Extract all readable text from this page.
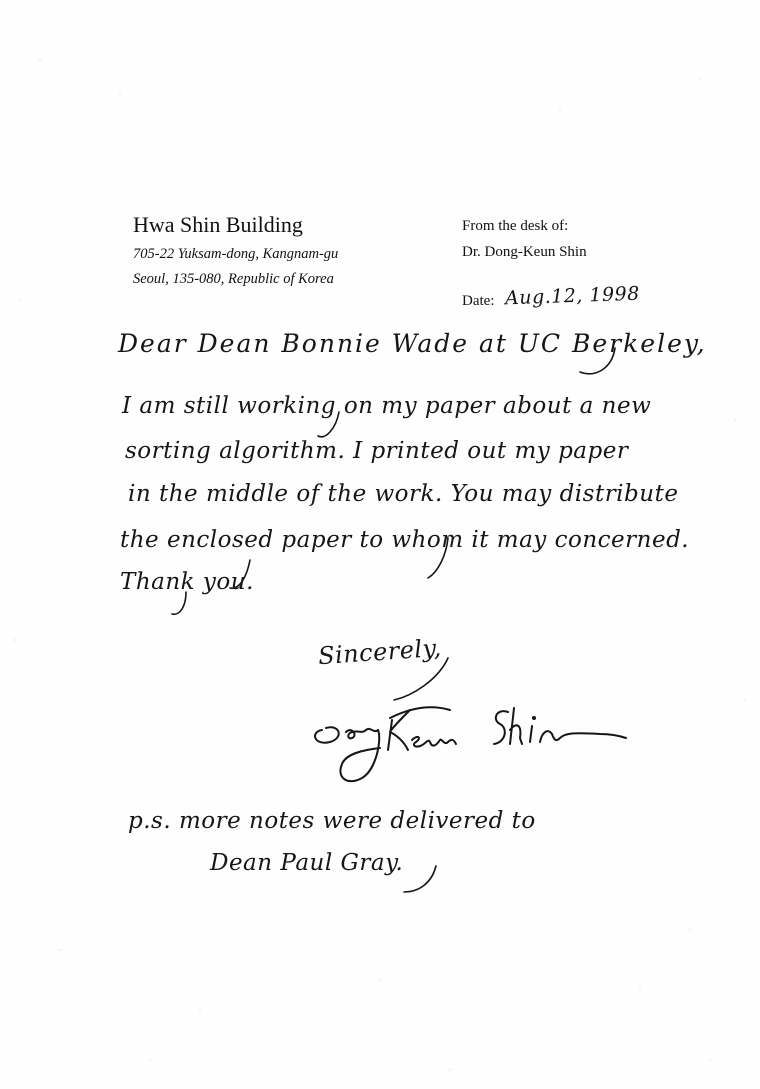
Hwa Shin Building
705-22 Yuksam-dong, Kangnam-gu
Seoul, 135-080, Republic of Korea
From the desk of:
Dr. Dong-Keun Shin
Date: Aug.12, 1998
Dear Dean Bonnie Wade at UC Berkeley,
I am still working on my paper about a new
sorting algorithm. I printed out my paper
in the middle of the work. You may distribute
the enclosed paper to whom it may concerned.
Thank you.
Sincerely,
p.s. more notes were delivered to
Dean Paul Gray.
